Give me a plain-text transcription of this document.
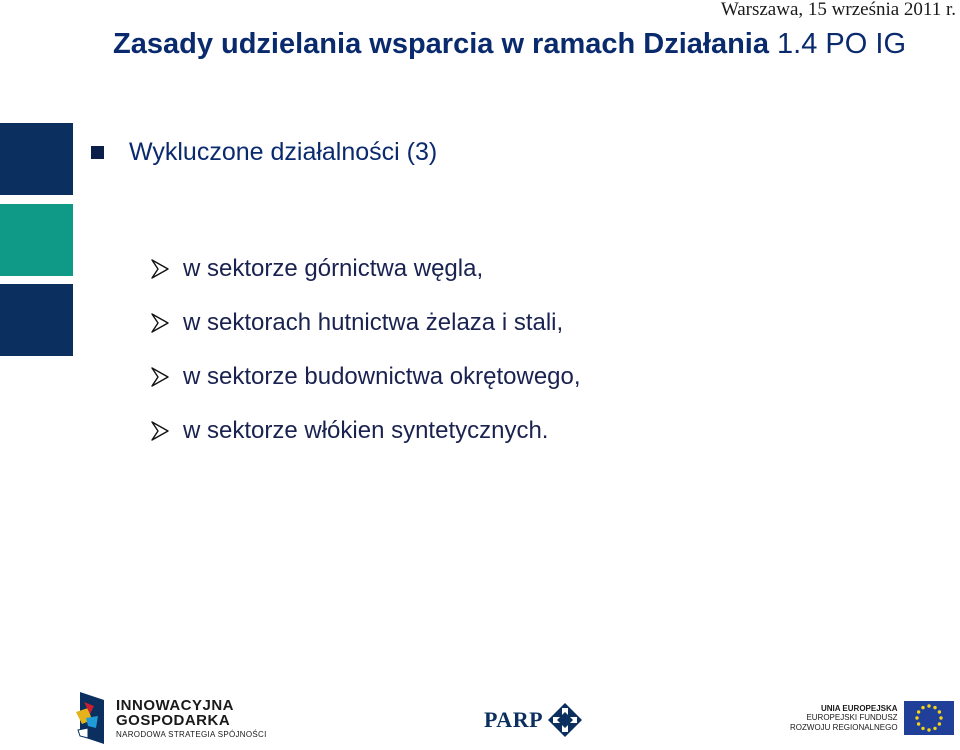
Warszawa, 15 września 2011 r.
Zasady udzielania wsparcia w ramach Działania 1.4 PO IG
Wykluczone działalności (3)
w sektorze górnictwa węgla,
w sektorach hutnictwa żelaza i stali,
w sektorze budownictwa okrętowego,
w sektorze włókien syntetycznych.
INNOWACYJNA
GOSPODARKA
NARODOWA STRATEGIA SPÓJNOŚCI
PARP	UNIA EUROPEJSKA
EUROPEJSKI FUNDUSZ
ROZWOJU REGIONALNEGO
